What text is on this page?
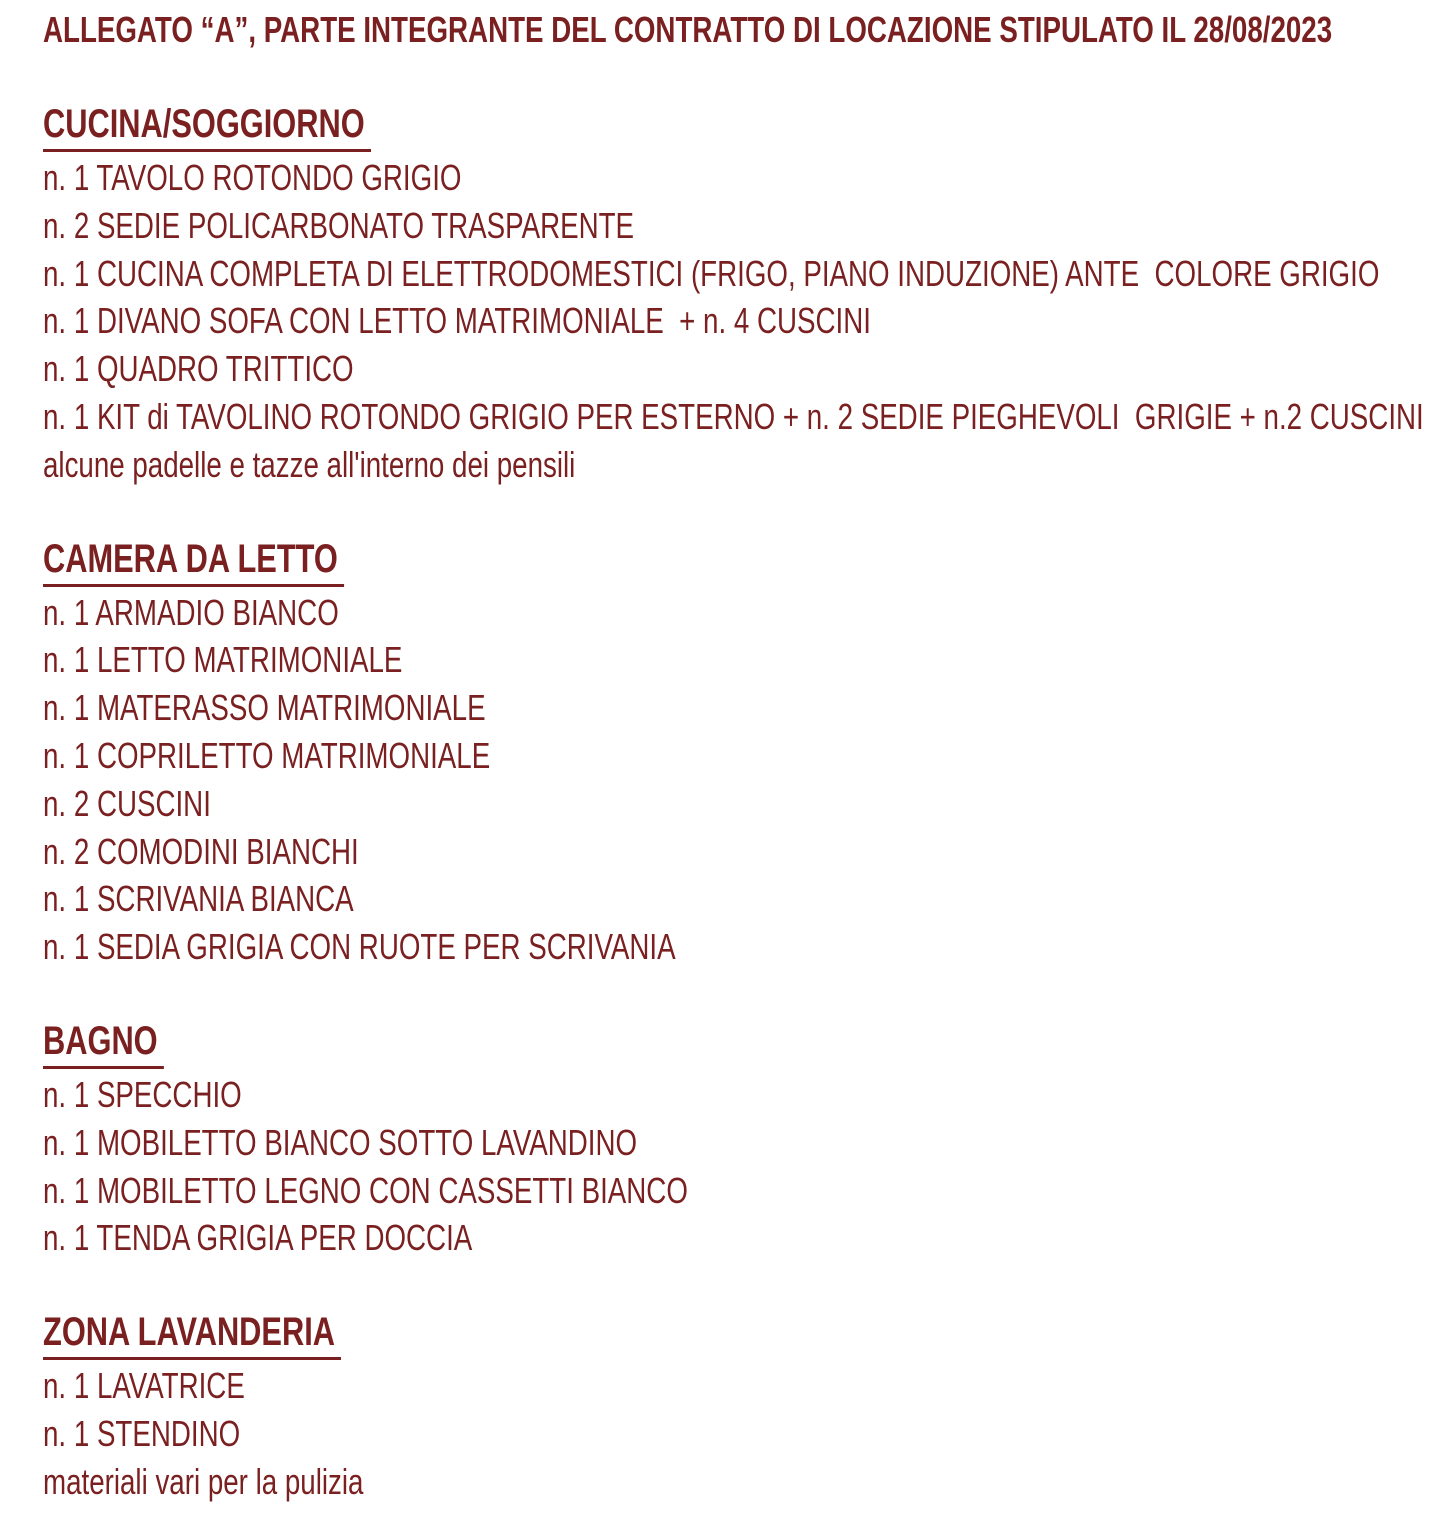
ALLEGATO “A”, PARTE INTEGRANTE DEL CONTRATTO DI LOCAZIONE STIPULATO IL 28/08/2023
CUCINA/SOGGIORNO

n. 1 TAVOLO ROTONDO GRIGIO

n. 2 SEDIE POLICARBONATO TRASPARENTE

n. 1 CUCINA COMPLETA DI ELETTRODOMESTICI (FRIGO, PIANO INDUZIONE) ANTE  COLORE GRIGIO

n. 1 DIVANO SOFA CON LETTO MATRIMONIALE  + n. 4 CUSCINI

n. 1 QUADRO TRITTICO

n. 1 KIT di TAVOLINO ROTONDO GRIGIO PER ESTERNO + n. 2 SEDIE PIEGHEVOLI  GRIGIE + n.2 CUSCINI

alcune padelle e tazze all'interno dei pensili

CAMERA DA LETTO

n. 1 ARMADIO BIANCO

n. 1 LETTO MATRIMONIALE

n. 1 MATERASSO MATRIMONIALE

n. 1 COPRILETTO MATRIMONIALE

n. 2 CUSCINI

n. 2 COMODINI BIANCHI

n. 1 SCRIVANIA BIANCA

n. 1 SEDIA GRIGIA CON RUOTE PER SCRIVANIA

BAGNO

n. 1 SPECCHIO

n. 1 MOBILETTO BIANCO SOTTO LAVANDINO

n. 1 MOBILETTO LEGNO CON CASSETTI BIANCO

n. 1 TENDA GRIGIA PER DOCCIA

ZONA LAVANDERIA

n. 1 LAVATRICE

n. 1 STENDINO

materiali vari per la pulizia
